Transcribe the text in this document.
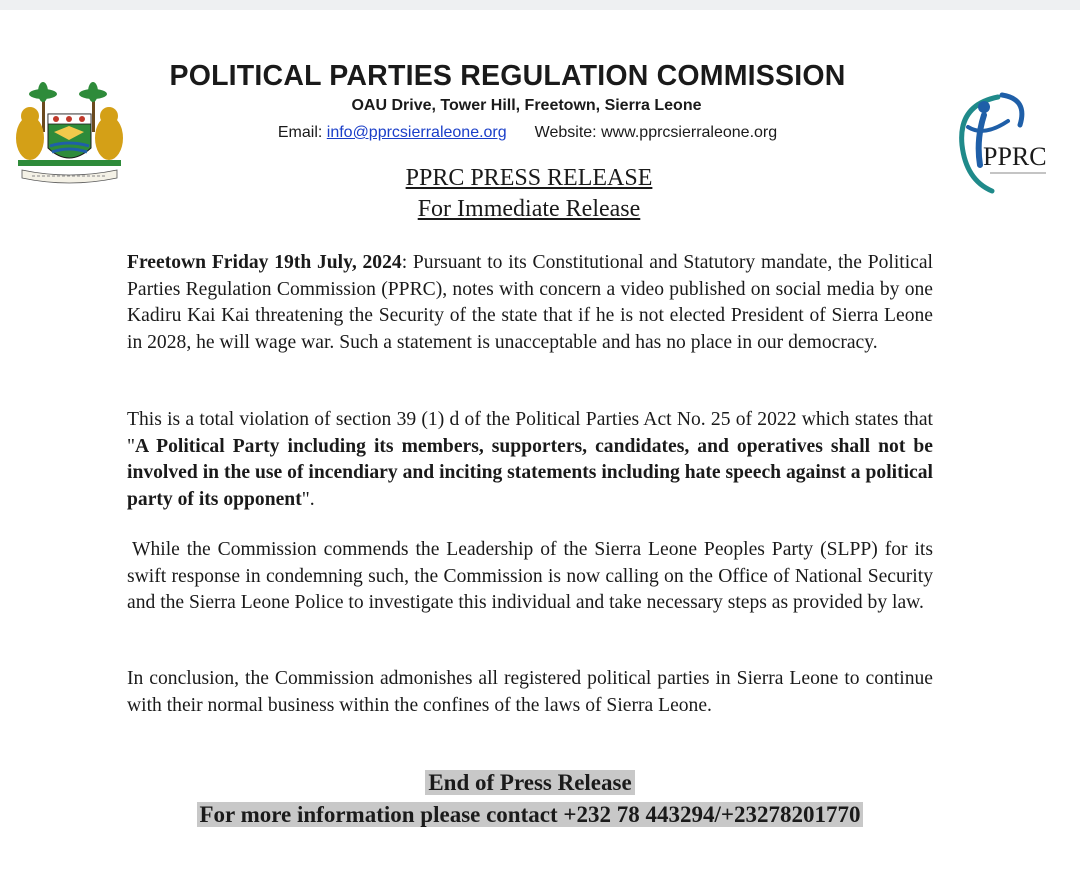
PPRC
POLITICAL PARTIES REGULATION COMMISSION
OAU Drive, Tower Hill, Freetown, Sierra Leone
Email: info@pprcsierraleone.org Website: www.pprcsierraleone.org
PPRC PRESS RELEASE
For Immediate Release
Freetown Friday 19th July, 2024: Pursuant to its Constitutional and Statutory mandate, the Political Parties Regulation Commission (PPRC), notes with concern a video published on social media by one Kadiru Kai Kai threatening the Security of the state that if he is not elected President of Sierra Leone in 2028, he will wage war. Such a statement is unacceptable and has no place in our democracy.
This is a total violation of section 39 (1) d of the Political Parties Act No. 25 of 2022 which states that "A Political Party including its members, supporters, candidates, and operatives shall not be involved in the use of incendiary and inciting statements including hate speech against a political party of its opponent".
While the Commission commends the Leadership of the Sierra Leone Peoples Party (SLPP) for its swift response in condemning such, the Commission is now calling on the Office of National Security and the Sierra Leone Police to investigate this individual and take necessary steps as provided by law.
In conclusion, the Commission admonishes all registered political parties in Sierra Leone to continue with their normal business within the confines of the laws of Sierra Leone.
End of Press Release
For more information please contact +232 78 443294/+23278201770
